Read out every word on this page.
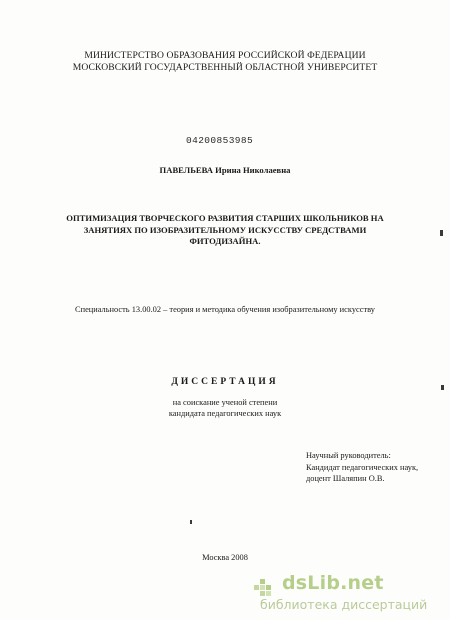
МИНИСТЕРСТВО ОБРАЗОВАНИЯ РОССИЙСКОЙ ФЕДЕРАЦИИ
МОСКОВСКИЙ ГОСУДАРСТВЕННЫЙ ОБЛАСТНОЙ УНИВЕРСИТЕТ
04200853985
ПАВЕЛЬЕВА Ирина Николаевна
ОПТИМИЗАЦИЯ ТВОРЧЕСКОГО РАЗВИТИЯ СТАРШИХ ШКОЛЬНИКОВ НА
ЗАНЯТИЯХ ПО ИЗОБРАЗИТЕЛЬНОМУ ИСКУССТВУ СРЕДСТВАМИ
ФИТОДИЗАЙНА.
Специальность 13.00.02 – теория и методика обучения изобразительному искусству
ДИССЕРТАЦИЯ
на соискание ученой степени
кандидата педагогических наук
Научный руководитель:
Кандидат педагогических наук,
доцент Шаляпин О.В.
Москва 2008
dsLib.net
библиотека диссертаций
